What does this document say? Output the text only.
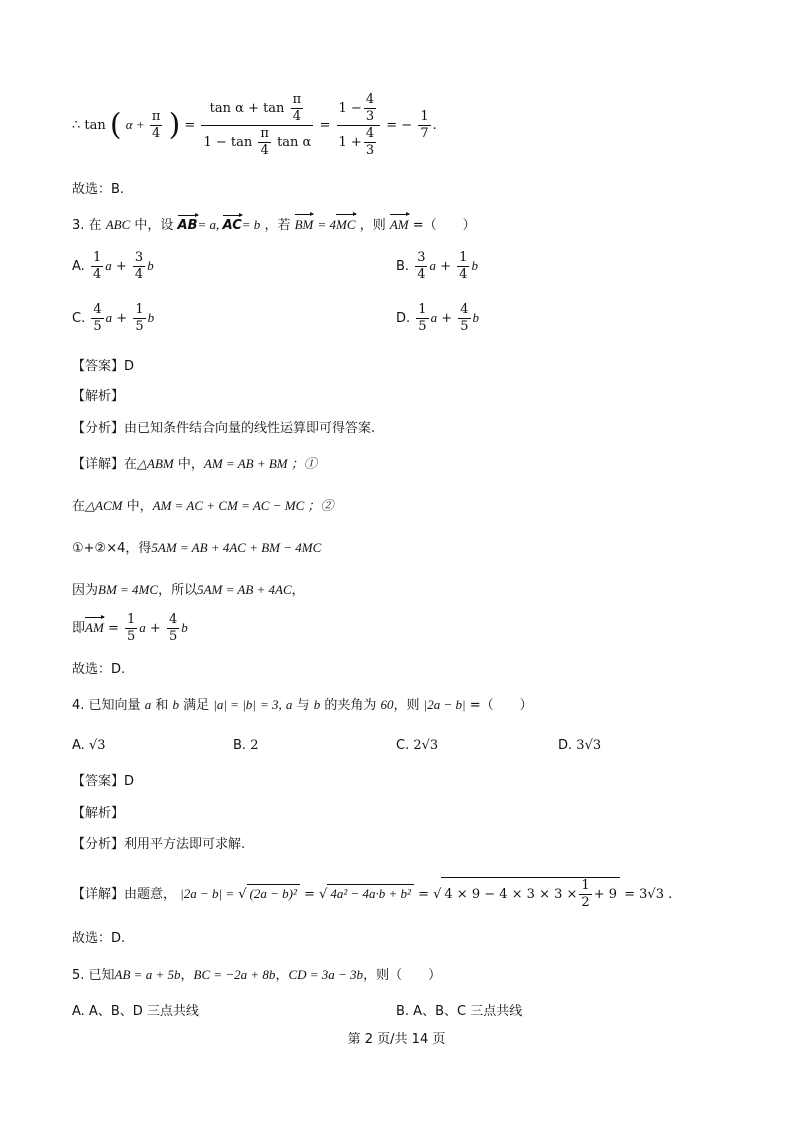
∴ tan ( $\alpha + \frac{\pi}{4}$ ) = $\frac{\tan \alpha + \tan \frac{\pi}{4}}{1 - \tan \frac{\pi}{4} \tan \alpha} = \frac{1 - \frac{4}{3}}{1 + \frac{4}{3}}$ = − $\frac{1}{7}$ .
故选：B.
3. 在 ABC 中，设 AB= a, AC= b ，若 BM = 4MC ，则 AM =（　　）
A. $\frac{1}{4}$ $a + \frac{3}{4}$ b	B. $\frac{3}{4}$ $a + \frac{1}{4}$ b
C. $\frac{4}{5}$ $a + \frac{1}{5}$ b	D. $\frac{1}{5}$ $a + \frac{4}{5}$ b
【答案】D
【解析】
【分析】由已知条件结合向量的线性运算即可得答案.
【详解】在△ABM 中，AM = AB + BM ；①
在△ACM 中，AM = AC + CM = AC − MC ；②
①+②×4，得5AM = AB + 4AC + BM − 4MC
因为BM = 4MC，所以5AM = AB + 4AC，
即AM = $\frac{1}{5}$ $a + \frac{4}{5}$ b
故选：D.
4. 已知向量 a 和 b 满足 |a| = |b| = 3, a 与 b 的夹角为 60，则 |2a − b| =（　　）
A. √3	B. 2	C. 2√3	D. 3√3
【答案】D
【解析】
【分析】利用平方法即可求解.
【详解】由题意， |2a − b| = √ (2a − b)² = √ 4a² − 4a·b + b² = √ $4 \times 9 - 4 \times 3 \times 3 \times \frac{1}{2} + 9 = 3√3$ .
故选：D.
5. 已知AB = a + 5b，BC = −2a + 8b，CD = 3a − 3b，则（　　）
A. A、B、D 三点共线	B. A、B、C 三点共线
第 2 页/共 14 页
